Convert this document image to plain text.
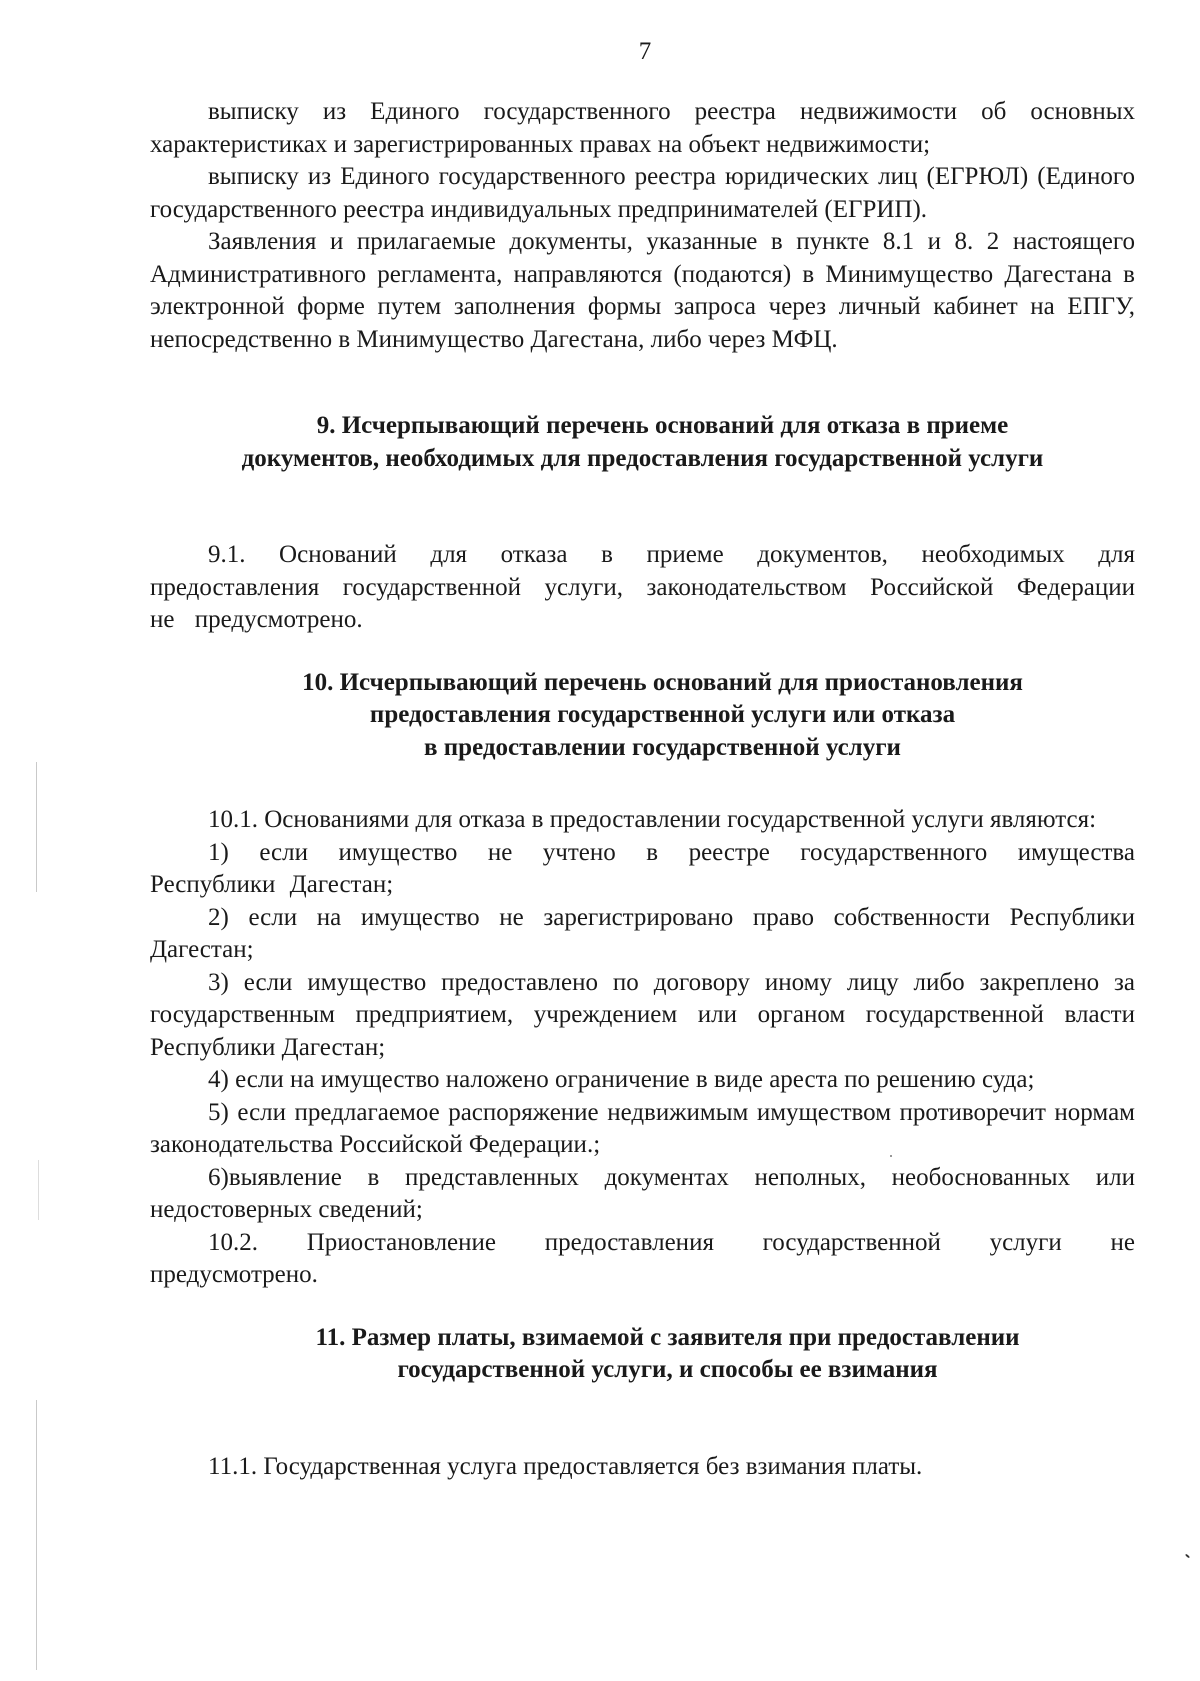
7

выписку из Единого государственного реестра недвижимости об основных характеристиках и зарегистрированных правах на объект недвижимости;

выписку из Единого государственного реестра юридических лиц (ЕГРЮЛ) (Единого государственного реестра индивидуальных предпринимателей (ЕГРИП).

Заявления и прилагаемые документы, указанные в пункте 8.1 и 8. 2 настоящего Административного регламента, направляются (подаются) в Минимущество Дагестана в электронной форме путем заполнения формы запроса через личный кабинет на ЕПГУ, непосредственно в Минимущество Дагестана, либо через МФЦ.

9. Исчерпывающий перечень оснований для отказа в приеме
документов, необходимых для предоставления государственной услуги

9.1. Оснований для отказа в приеме документов, необходимых для предоставления государственной услуги, законодательством Российской Федерации не предусмотрено.

10. Исчерпывающий перечень оснований для приостановления
предоставления государственной услуги или отказа
в предоставлении государственной услуги

10.1. Основаниями для отказа в предоставлении государственной услуги являются:

1) если имущество не учтено в реестре государственного имущества Республики Дагестан;

2) если на имущество не зарегистрировано право собственности Республики Дагестан;

3) если имущество предоставлено по договору иному лицу либо закреплено за государственным предприятием, учреждением или органом государственной власти Республики Дагестан;

4) если на имущество наложено ограничение в виде ареста по решению суда;

5) если предлагаемое распоряжение недвижимым имуществом противоречит нормам законодательства Российской Федерации.;

6)выявление в представленных документах неполных, необоснованных или недостоверных сведений;

10.2. Приостановление предоставления государственной услуги не предусмотрено.

11. Размер платы, взимаемой с заявителя при предоставлении
государственной услуги, и способы ее взимания

11.1. Государственная услуга предоставляется без взимания платы.
